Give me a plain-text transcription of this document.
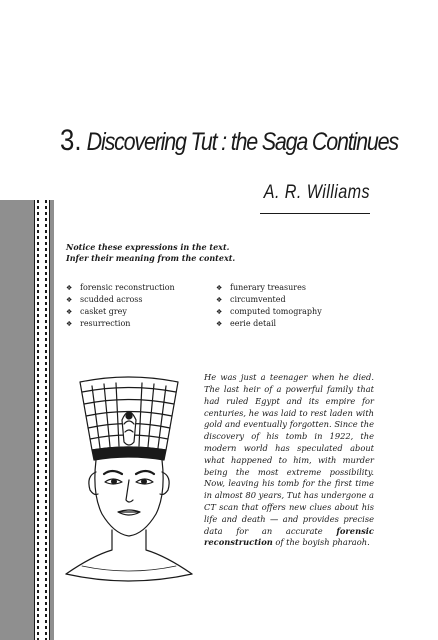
3. Discovering Tut : the Saga Continues
A. R. Williams
Notice these expressions in the text.
Infer their meaning from the context.
❖ forensic reconstruction
❖ scudded across
❖ casket grey
❖ resurrection
❖ funerary treasures
❖ circumvented
❖ computed tomography
❖ eerie detail

He was just a teenager when he died. The last heir of a powerful family that had ruled Egypt and its empire for centuries, he was laid to rest laden with gold and eventually forgotten. Since the discovery of his tomb in 1922, the modern world has speculated about what happened to him, with murder being the most extreme possibility. Now, leaving his tomb for the first time in almost 80 years, Tut has undergone a CT scan that offers new clues about his life and death — and provides precise data for an accurate forensic reconstruction of the boyish pharaoh.
